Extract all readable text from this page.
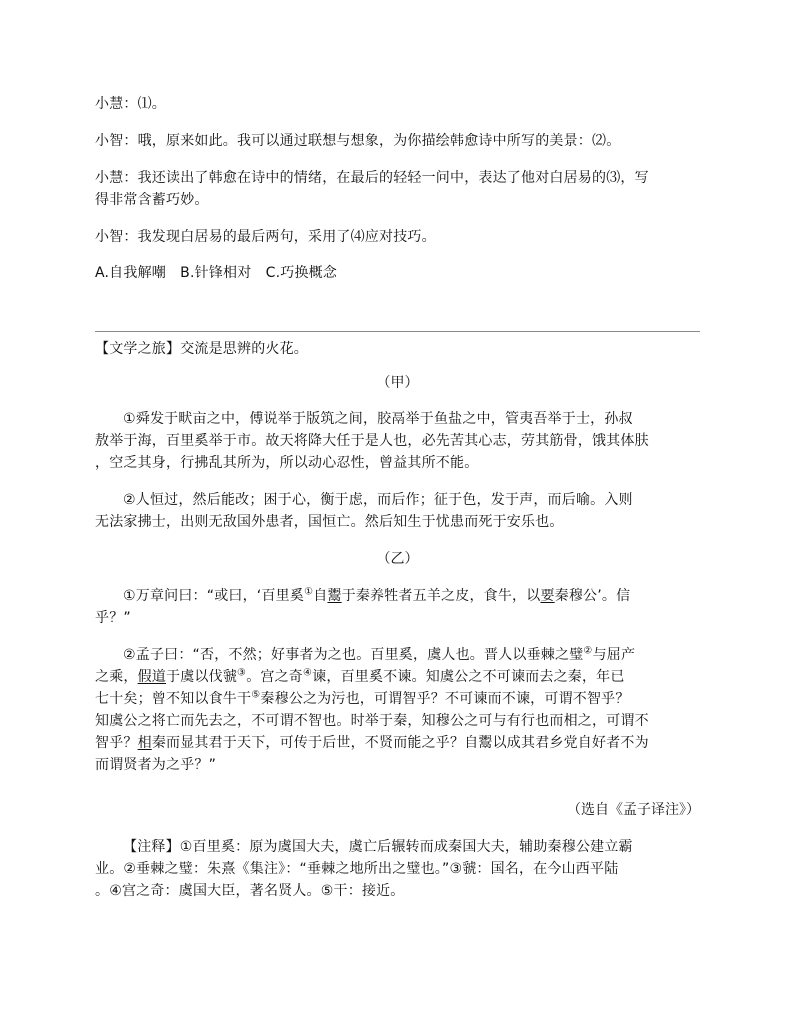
小慧：⑴。
小智：哦，原来如此。我可以通过联想与想象，为你描绘韩愈诗中所写的美景：⑵。
小慧：我还读出了韩愈在诗中的情绪，在最后的轻轻一问中，表达了他对白居易的⑶，写
得非常含蓄巧妙。
小智：我发现白居易的最后两句，采用了⑷应对技巧。
A.自我解嘲　B.针锋相对　C.巧换概念
【文学之旅】交流是思辨的火花。
（甲）
①舜发于畎亩之中，傅说举于版筑之间，胶鬲举于鱼盐之中，管夷吾举于士，孙叔
敖举于海，百里奚举于市。故天将降大任于是人也，必先苦其心志，劳其筋骨，饿其体肤
，空乏其身，行拂乱其所为，所以动心忍性，曾益其所不能。
②人恒过，然后能改；困于心，衡于虑，而后作；征于色，发于声，而后喻。入则
无法家拂士，出则无敌国外患者，国恒亡。然后知生于忧患而死于安乐也。
（乙）
①万章问曰：“或曰，‘百里奚①自鬻于秦养牲者五羊之皮，食牛，以要秦穆公’。信
乎？”
②孟子曰：“否，不然；好事者为之也。百里奚，虞人也。晋人以垂棘之璧②与屈产
之乘，假道于虞以伐虢③。宫之奇④谏，百里奚不谏。知虞公之不可谏而去之秦，年已
七十矣；曾不知以食牛干⑤秦穆公之为污也，可谓智乎？不可谏而不谏，可谓不智乎？
知虞公之将亡而先去之，不可谓不智也。时举于秦，知穆公之可与有行也而相之，可谓不
智乎？相秦而显其君于天下，可传于后世，不贤而能之乎？自鬻以成其君乡党自好者不为
而谓贤者为之乎？”
（选自《孟子译注》）
【注释】①百里奚：原为虞国大夫，虞亡后辗转而成秦国大夫，辅助秦穆公建立霸
业。②垂棘之璧：朱熹《集注》：“垂棘之地所出之璧也。”③虢：国名，在今山西平陆
。④宫之奇：虞国大臣，著名贤人。⑤干：接近。
